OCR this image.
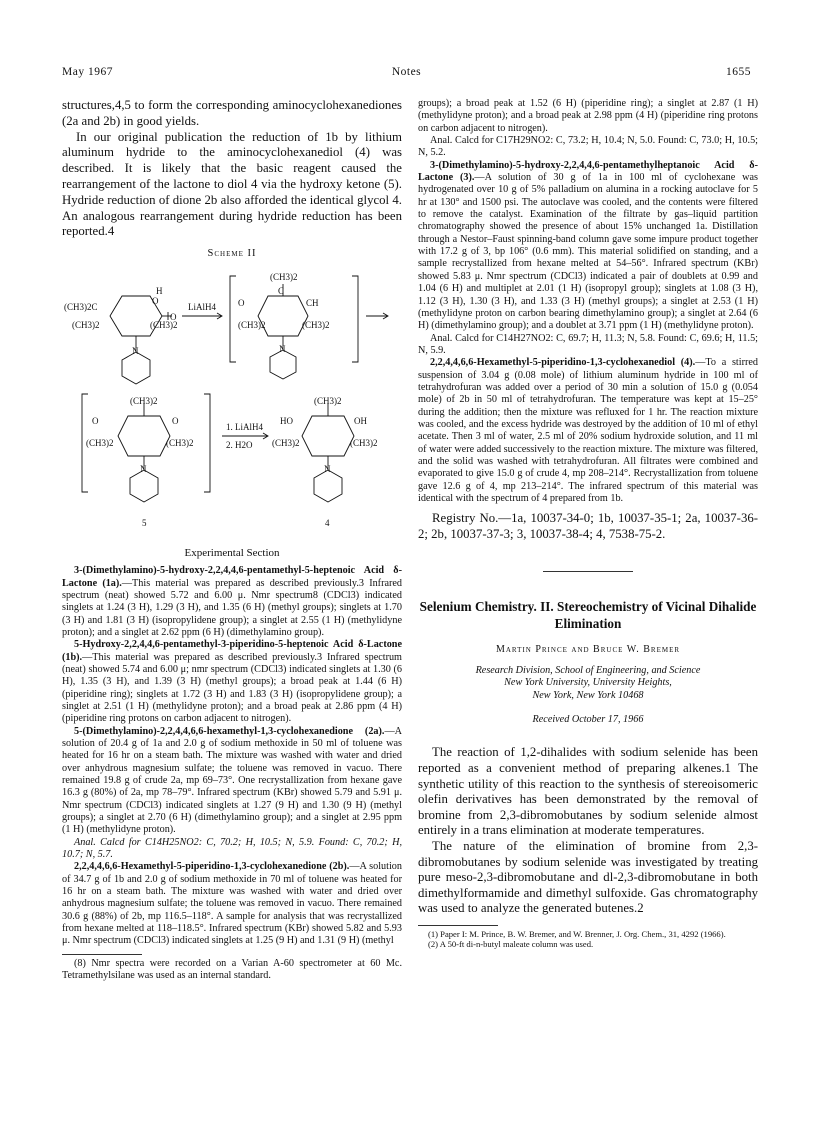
May 1967	Notes	1655

structures,4,5 to form the corresponding aminocyclohexanediones (2a and 2b) in good yields.

In our original publication the reduction of 1b by lithium aluminum hydride to the aminocyclohexanediol (4) was described. It is likely that the basic reagent caused the rearrangement of the lactone to diol 4 via the hydroxy ketone (5). Hydride reduction of dione 2b also afforded the identical glycol 4. An analogous rearrangement during hydride reduction has been reported.4

Scheme II
(CH3)2C
O
H
O
(CH3)2	(CH3)2
N
LiAlH4
(CH3)2
O
C
CH
(CH3)2	(CH3)2
N
(CH3)2
O	O
(CH3)2	(CH3)2
N
1. LiAlH4
2. H2O
(CH3)2
HO	OH
(CH3)2	(CH3)2
N
5	4
Experimental Section

3-(Dimethylamino)-5-hydroxy-2,2,4,4,6-pentamethyl-5-heptenoic Acid δ-Lactone (1a).—This material was prepared as described previously.3 Infrared spectrum (neat) showed 5.72 and 6.00 μ. Nmr spectrum8 (CDCl3) indicated singlets at 1.24 (3 H), 1.29 (3 H), and 1.35 (6 H) (methyl groups); singlets at 1.70 (3 H) and 1.81 (3 H) (isopropylidene group); a singlet at 2.55 (1 H) (methylidyne proton); and a singlet at 2.62 ppm (6 H) (dimethylamino group).

5-Hydroxy-2,2,4,4,6-pentamethyl-3-piperidino-5-heptenoic Acid δ-Lactone (1b).—This material was prepared as described previously.3 Infrared spectrum (neat) showed 5.74 and 6.00 μ; nmr spectrum (CDCl3) indicated singlets at 1.30 (6 H), 1.35 (3 H), and 1.39 (3 H) (methyl groups); a broad peak at 1.44 (6 H) (piperidine ring); singlets at 1.72 (3 H) and 1.83 (3 H) (isopropylidene group); a singlet at 2.51 (1 H) (methylidyne proton); and a broad peak at 2.86 ppm (4 H) (piperidine ring protons on carbon adjacent to nitrogen).

5-(Dimethylamino)-2,2,4,4,6,6-hexamethyl-1,3-cyclohexanedione (2a).—A solution of 20.4 g of 1a and 2.0 g of sodium methoxide in 50 ml of toluene was heated for 16 hr on a steam bath. The mixture was washed with water and dried over anhydrous magnesium sulfate; the toluene was removed in vacuo. There remained 19.8 g of crude 2a, mp 69–73°. One recrystallization from hexane gave 16.3 g (80%) of 2a, mp 78–79°. Infrared spectrum (KBr) showed 5.79 and 5.91 μ. Nmr spectrum (CDCl3) indicated singlets at 1.27 (9 H) and 1.30 (9 H) (methyl groups); a singlet at 2.70 (6 H) (dimethylamino group); and a singlet at 2.95 ppm (1 H) (methylidyne proton).

Anal. Calcd for C14H25NO2: C, 70.2; H, 10.5; N, 5.9. Found: C, 70.2; H, 10.7; N, 5.7.

2,2,4,4,6,6-Hexamethyl-5-piperidino-1,3-cyclohexanedione (2b).—A solution of 34.7 g of 1b and 2.0 g of sodium methoxide in 70 ml of toluene was heated for 16 hr on a steam bath. The mixture was washed with water and dried over anhydrous magnesium sulfate; the toluene was removed in vacuo. There remained 30.6 g (88%) of 2b, mp 116.5–118°. A sample for analysis that was recrystallized from hexane melted at 118–118.5°. Infrared spectrum (KBr) showed 5.82 and 5.93 μ. Nmr spectrum (CDCl3) indicated singlets at 1.25 (9 H) and 1.31 (9 H) (methyl

(8) Nmr spectra were recorded on a Varian A-60 spectrometer at 60 Mc. Tetramethylsilane was used as an internal standard.

groups); a broad peak at 1.52 (6 H) (piperidine ring); a singlet at 2.87 (1 H) (methylidyne proton); and a broad peak at 2.98 ppm (4 H) (piperidine ring protons on carbon adjacent to nitrogen).

Anal. Calcd for C17H29NO2: C, 73.2; H, 10.4; N, 5.0. Found: C, 73.0; H, 10.5; N, 5.2.

3-(Dimethylamino)-5-hydroxy-2,2,4,4,6-pentamethylheptanoic Acid δ-Lactone (3).—A solution of 30 g of 1a in 100 ml of cyclohexane was hydrogenated over 10 g of 5% palladium on alumina in a rocking autoclave for 5 hr at 130° and 1500 psi. The autoclave was cooled, and the contents were filtered to remove the catalyst. Examination of the filtrate by gas–liquid partition chromatography showed the presence of about 15% unchanged 1a. Distillation through a Nestor–Faust spinning-band column gave some impure product together with 17.2 g of 3, bp 106° (0.6 mm). This material solidified on standing, and a sample recrystallized from hexane melted at 54–56°. Infrared spectrum (KBr) showed 5.83 μ. Nmr spectrum (CDCl3) indicated a pair of doublets at 0.99 and 1.04 (6 H) and multiplet at 2.01 (1 H) (isopropyl group); singlets at 1.08 (3 H), 1.12 (3 H), 1.30 (3 H), and 1.33 (3 H) (methyl groups); a singlet at 2.53 (1 H) (methylidyne proton on carbon bearing dimethylamino group); a singlet at 2.64 (6 H) (dimethylamino group); and a doublet at 3.71 ppm (1 H) (methylidyne proton).

Anal. Calcd for C14H27NO2: C, 69.7; H, 11.3; N, 5.8. Found: C, 69.6; H, 11.5; N, 5.9.

2,2,4,4,6,6-Hexamethyl-5-piperidino-1,3-cyclohexanediol (4).—To a stirred suspension of 3.04 g (0.08 mole) of lithium aluminum hydride in 100 ml of tetrahydrofuran was added over a period of 30 min a solution of 15.0 g (0.054 mole) of 2b in 50 ml of tetrahydrofuran. The temperature was kept at 15–25° during the addition; then the mixture was refluxed for 1 hr. The reaction mixture was cooled, and the excess hydride was destroyed by the addition of 10 ml of ethyl acetate. Then 3 ml of water, 2.5 ml of 20% sodium hydroxide solution, and 11 ml of water were added successively to the reaction mixture. The mixture was filtered, and the solid was washed with tetrahydrofuran. All filtrates were combined and evaporated to give 15.0 g of crude 4, mp 208–214°. Recrystallization from toluene gave 12.6 g of 4, mp 213–214°. The infrared spectrum of this material was identical with the spectrum of 4 prepared from 1b.

Registry No.—1a, 10037-34-0; 1b, 10037-35-1; 2a, 10037-36-2; 2b, 10037-37-3; 3, 10037-38-4; 4, 7538-75-2.

Selenium Chemistry. II. Stereochemistry of Vicinal Dihalide Elimination
Martin Prince and Bruce W. Bremer
Research Division, School of Engineering, and Science
New York University, University Heights,
New York, New York 10468
Received October 17, 1966

The reaction of 1,2-dihalides with sodium selenide has been reported as a convenient method of preparing alkenes.1 The synthetic utility of this reaction to the synthesis of stereoisomeric olefin derivatives has been demonstrated by the removal of bromine from 2,3-dibromobutanes by sodium selenide almost entirely in a trans elimination at moderate temperatures.

The nature of the elimination of bromine from 2,3-dibromobutanes by sodium selenide was investigated by treating pure meso-2,3-dibromobutane and dl-2,3-dibromobutane in both dimethylformamide and dimethyl sulfoxide. Gas chromatography was used to analyze the generated butenes.2

(1) Paper I: M. Prince, B. W. Bremer, and W. Brenner, J. Org. Chem., 31, 4292 (1966).

(2) A 50-ft di-n-butyl maleate column was used.
